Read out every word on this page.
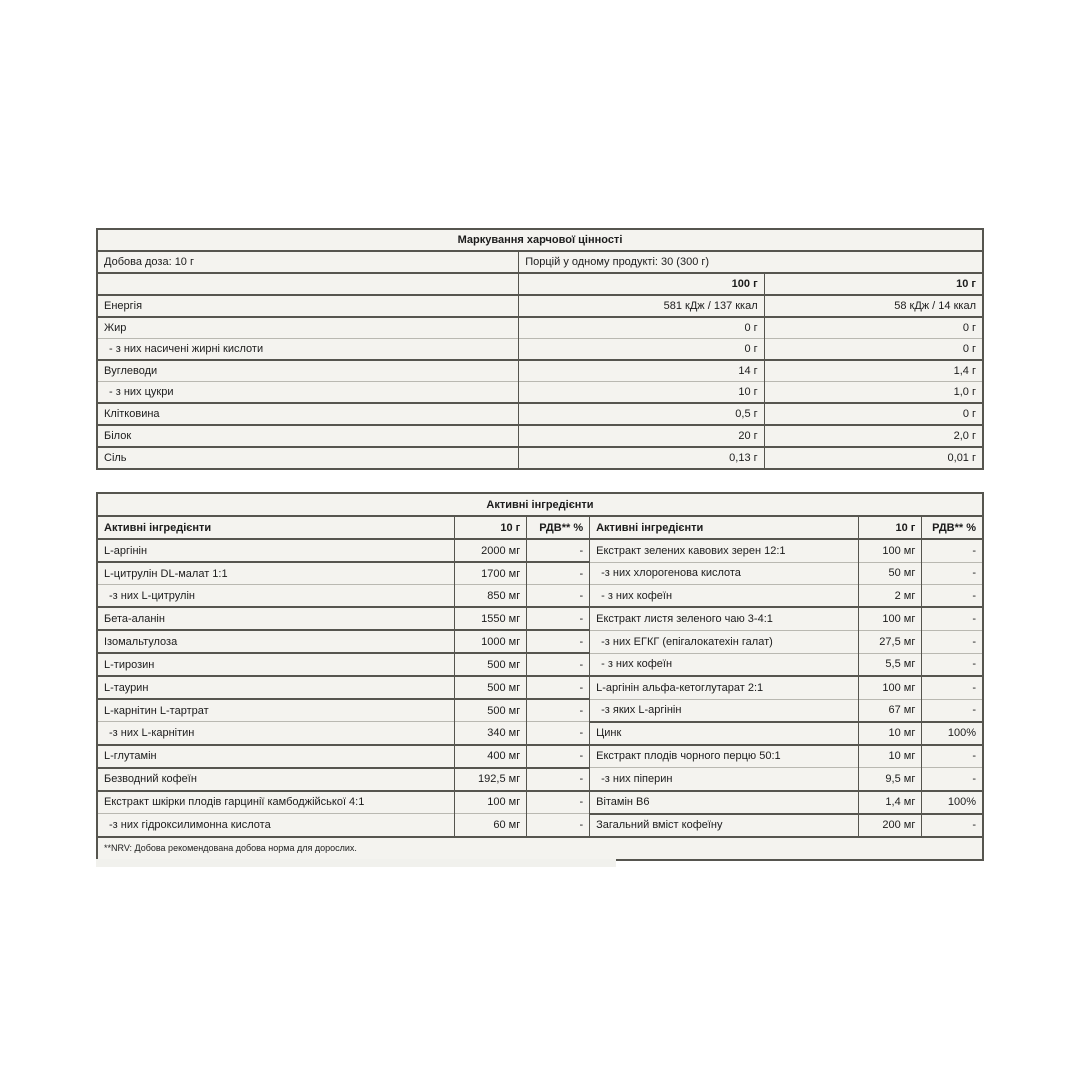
Маркування харчової цінності		
Добова доза: 10 г	Порцій у одному продукті: 30 (300 г)	
	100 г	10 г
Енергія	581 кДж / 137 ккал	58 кДж / 14 ккал
Жир	0 г	0 г
- з них насичені жирні кислоти	0 г	0 г
Вуглеводи	14 г	1,4 г
- з них цукри	10 г	1,0 г
Клітковина	0,5 г	0 г
Білок	20 г	2,0 г
Сіль	0,13 г	0,01 г
Активні інгредієнти					
Активні інгредієнти	10 г	РДВ** %	Активні інгредієнти	10 г	РДВ** %
L-аргінін	2000 мг	-	Екстракт зелених кавових зерен 12:1	100 мг	-
L-цитрулін DL-малат 1:1	1700 мг	-	-з них хлорогенова кислота	50 мг	-
-з них L-цитрулін	850 мг	-	- з них кофеїн	2 мг	-
Бета-аланін	1550 мг	-	Екстракт листя зеленого чаю 3-4:1	100 мг	-
Ізомальтулоза	1000 мг	-	-з них ЕГКГ (епігалокатехін галат)	27,5 мг	-
L-тирозин	500 мг	-	- з них кофеїн	5,5 мг	-
L-таурин	500 мг	-	L-аргінін альфа-кетоглутарат 2:1	100 мг	-
L-карнітин L-тартрат	500 мг	-	-з яких L-аргінін	67 мг	-
-з них L-карнітин	340 мг	-	Цинк	10 мг	100%
L-глутамін	400 мг	-	Екстракт плодів чорного перцю 50:1	10 мг	-
Безводний кофеїн	192,5 мг	-	-з них піперин	9,5 мг	-
Екстракт шкірки плодів гарцинії камбоджійської 4:1	100 мг	-	Вітамін B6	1,4 мг	100%
-з них гідроксилимонна кислота	60 мг	-	Загальний вміст кофеїну	200 мг	-
**NRV: Добова рекомендована добова норма для дорослих.					
